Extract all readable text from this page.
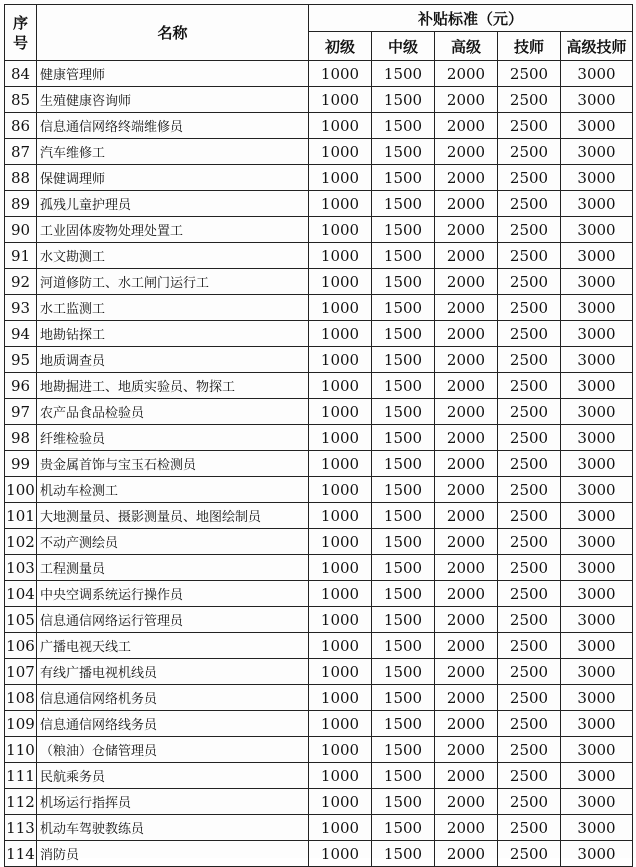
序
号	名称	补贴标准（元）				
		初级	中级	高级	技师	高级技师
84	健康管理师	1000	1500	2000	2500	3000
85	生殖健康咨询师	1000	1500	2000	2500	3000
86	信息通信网络终端维修员	1000	1500	2000	2500	3000
87	汽车维修工	1000	1500	2000	2500	3000
88	保健调理师	1000	1500	2000	2500	3000
89	孤残儿童护理员	1000	1500	2000	2500	3000
90	工业固体废物处理处置工	1000	1500	2000	2500	3000
91	水文勘测工	1000	1500	2000	2500	3000
92	河道修防工、水工闸门运行工	1000	1500	2000	2500	3000
93	水工监测工	1000	1500	2000	2500	3000
94	地勘钻探工	1000	1500	2000	2500	3000
95	地质调查员	1000	1500	2000	2500	3000
96	地勘掘进工、地质实验员、物探工	1000	1500	2000	2500	3000
97	农产品食品检验员	1000	1500	2000	2500	3000
98	纤维检验员	1000	1500	2000	2500	3000
99	贵金属首饰与宝玉石检测员	1000	1500	2000	2500	3000
100	机动车检测工	1000	1500	2000	2500	3000
101	大地测量员、摄影测量员、地图绘制员	1000	1500	2000	2500	3000
102	不动产测绘员	1000	1500	2000	2500	3000
103	工程测量员	1000	1500	2000	2500	3000
104	中央空调系统运行操作员	1000	1500	2000	2500	3000
105	信息通信网络运行管理员	1000	1500	2000	2500	3000
106	广播电视天线工	1000	1500	2000	2500	3000
107	有线广播电视机线员	1000	1500	2000	2500	3000
108	信息通信网络机务员	1000	1500	2000	2500	3000
109	信息通信网络线务员	1000	1500	2000	2500	3000
110	（粮油）仓储管理员	1000	1500	2000	2500	3000
111	民航乘务员	1000	1500	2000	2500	3000
112	机场运行指挥员	1000	1500	2000	2500	3000
113	机动车驾驶教练员	1000	1500	2000	2500	3000
114	消防员	1000	1500	2000	2500	3000
